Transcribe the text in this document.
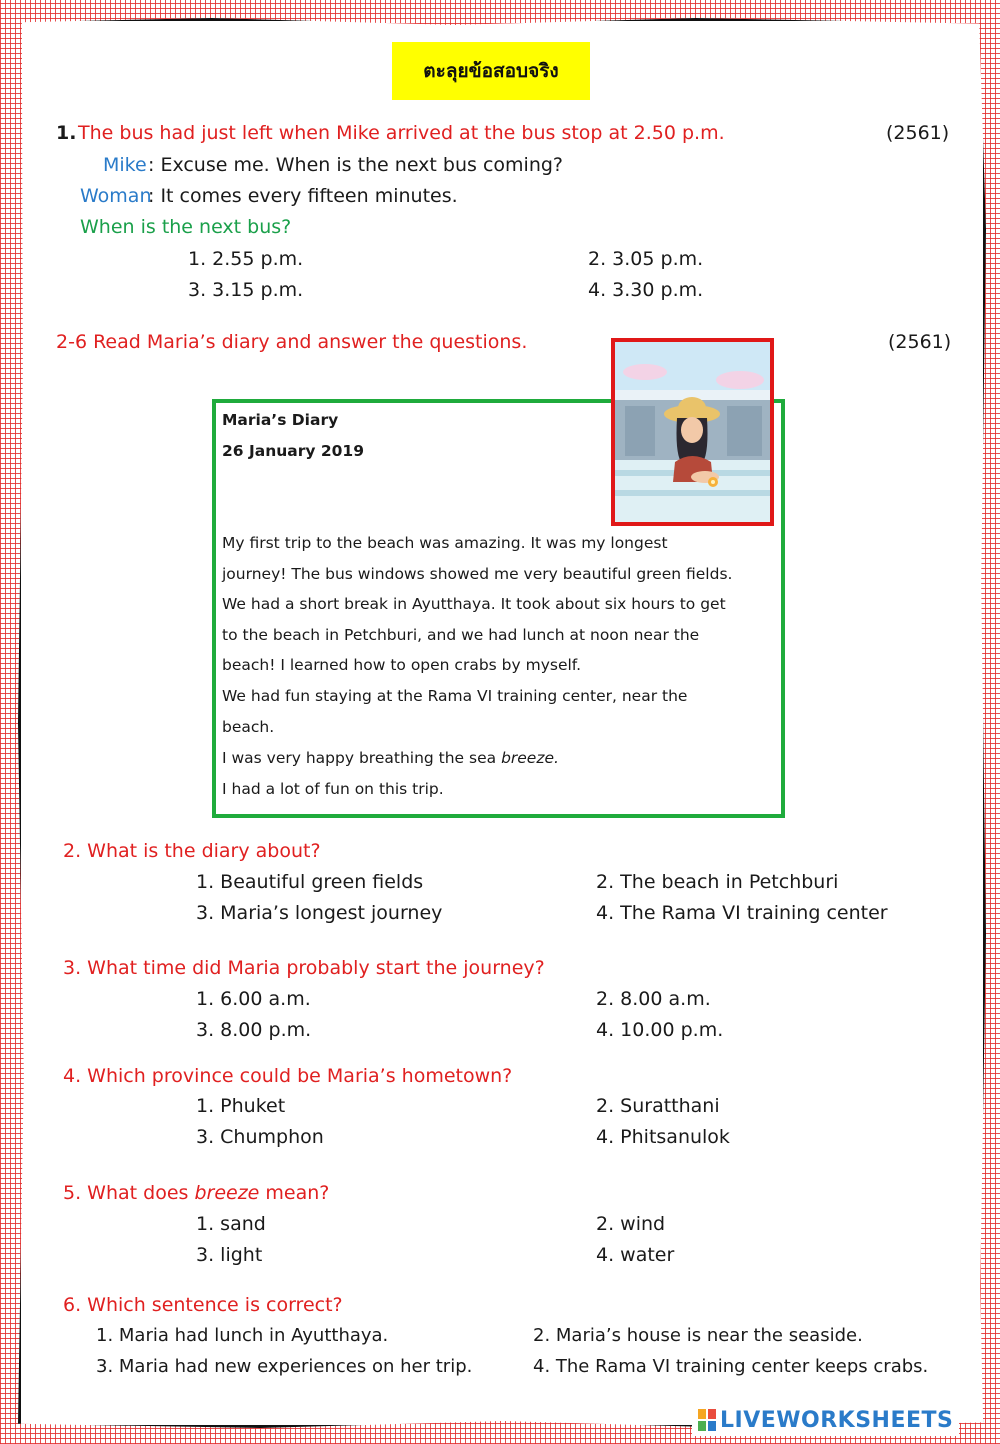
ตะลุยข้อสอบจริง
1. The bus had just left when Mike arrived at the bus stop at 2.50 p.m.	(2561)
Mike : Excuse me. When is the next bus coming?
Woman
: It comes every fifteen minutes.
When is the next bus?
1. 2.55 p.m.	2. 3.05 p.m.
3. 3.15 p.m.	4. 3.30 p.m.
2-6 Read Maria’s diary and answer the questions.	(2561)
Maria’s Diary
26 January 2019
My first trip to the beach was amazing. It was my longest
journey! The bus windows showed me very beautiful green fields.
We had a short break in Ayutthaya. It took about six hours to get
to the beach in Petchburi, and we had lunch at noon near the
beach! I learned how to open crabs by myself.
We had fun staying at the Rama VI training center, near the
beach.
I was very happy breathing the sea breeze.
I had a lot of fun on this trip.
2. What is the diary about?
1. Beautiful green fields	2. The beach in Petchburi
3. Maria’s longest journey	4. The Rama VI training center
3. What time did Maria probably start the journey?
1. 6.00 a.m.	2. 8.00 a.m.
3. 8.00 p.m.	4. 10.00 p.m.
4. Which province could be Maria’s hometown?
1. Phuket	2. Suratthani
3. Chumphon	4. Phitsanulok
5. What does breeze mean?
1. sand	2. wind
3. light	4. water
6. Which sentence is correct?
1. Maria had lunch in Ayutthaya.	2. Maria’s house is near the seaside.
3. Maria had new experiences on her trip.	4. The Rama VI training center keeps crabs.
LIVEWORKSHEETS
